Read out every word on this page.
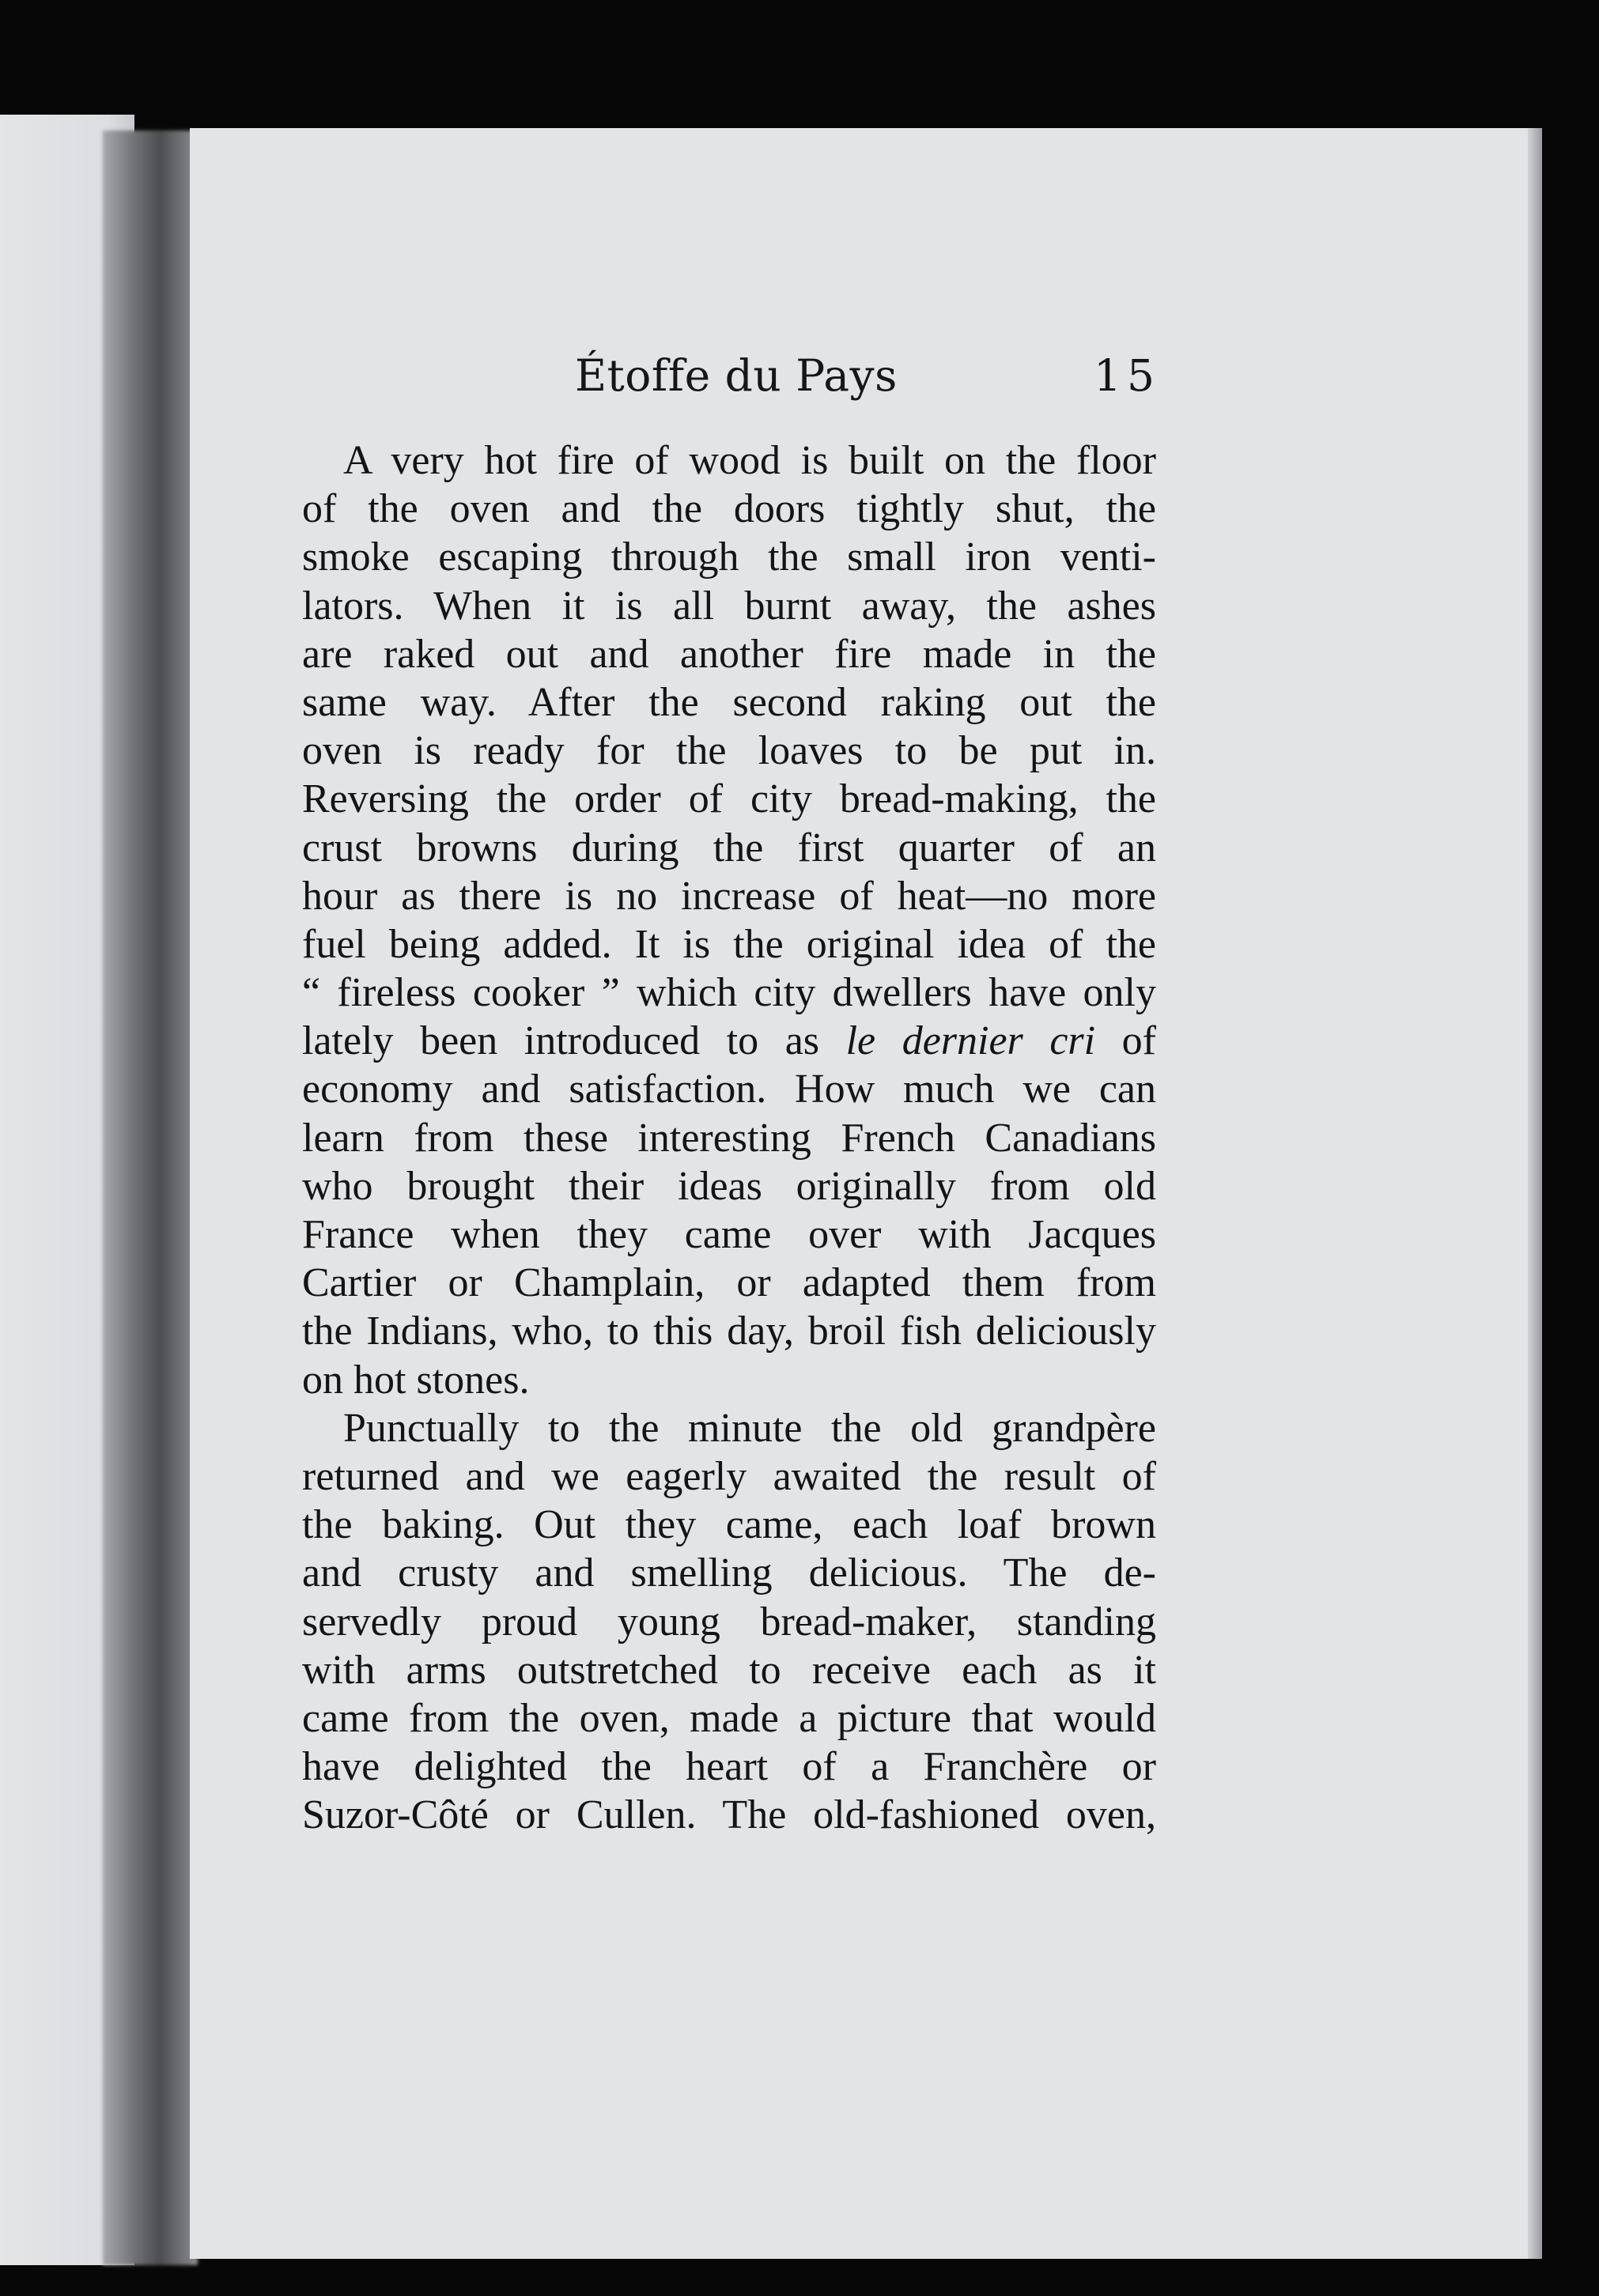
Étoffe du Pays	15
A very hot fire of wood is built on the floor
of the oven and the doors tightly shut, the
smoke escaping through the small iron venti-
lators. When it is all burnt away, the ashes
are raked out and another fire made in the
same way. After the second raking out the
oven is ready for the loaves to be put in.
Reversing the order of city bread-making, the
crust browns during the first quarter of an
hour as there is no increase of heat—no more
fuel being added. It is the original idea of the
“ fireless cooker ” which city dwellers have only
lately been introduced to as le dernier cri of
economy and satisfaction. How much we can
learn from these interesting French Canadians
who brought their ideas originally from old
France when they came over with Jacques
Cartier or Champlain, or adapted them from
the Indians, who, to this day, broil fish deliciously
on hot stones.
Punctually to the minute the old grandpère
returned and we eagerly awaited the result of
the baking. Out they came, each loaf brown
and crusty and smelling delicious. The de-
servedly proud young bread-maker, standing
with arms outstretched to receive each as it
came from the oven, made a picture that would
have delighted the heart of a Franchère or
Suzor-Côté or Cullen. The old-fashioned oven,
